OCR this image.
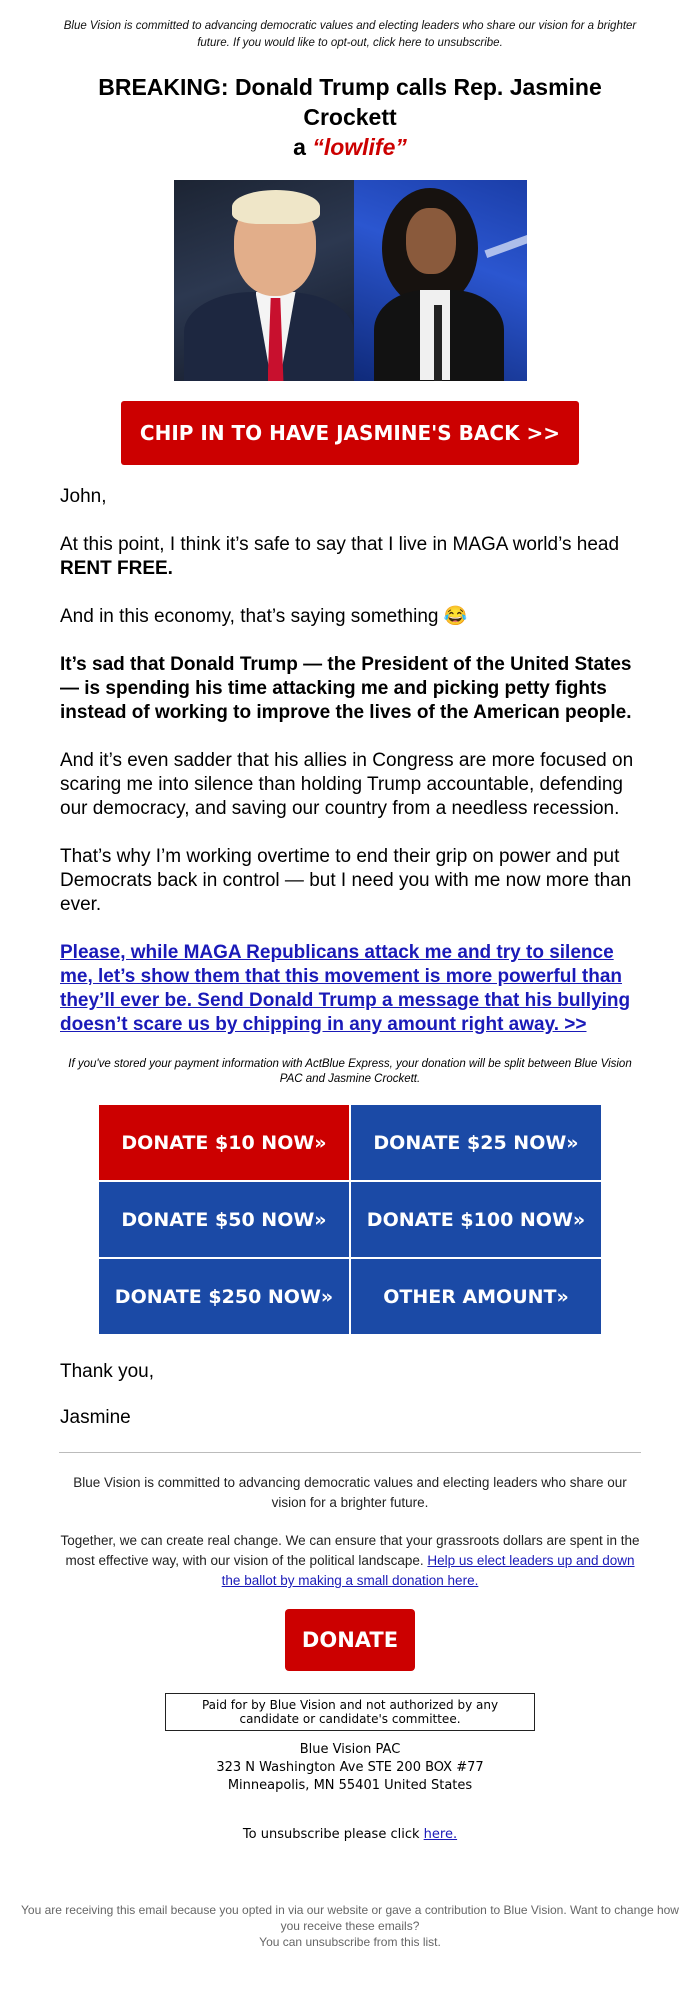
Blue Vision is committed to advancing democratic values and electing leaders who share our vision for a brighter future. If you would like to opt-out, click here to unsubscribe.
BREAKING: Donald Trump calls Rep. Jasmine Crockett
a “lowlife”
CHIP IN TO HAVE JASMINE'S BACK >>

John,

At this point, I think it’s safe to say that I live in MAGA world’s head RENT FREE.

And in this economy, that’s saying something 😂

It’s sad that Donald Trump — the President of the United States — is spending his time attacking me and picking petty fights instead of working to improve the lives of the American people.

And it’s even sadder that his allies in Congress are more focused on scaring me into silence than holding Trump accountable, defending our democracy, and saving our country from a needless recession.

That’s why I’m working overtime to end their grip on power and put Democrats back in control — but I need you with me now more than ever.

Please, while MAGA Republicans attack me and try to silence me, let’s show them that this movement is more powerful than they’ll ever be. Send Donald Trump a message that his bullying doesn’t scare us by chipping in any amount right away. >>

If you've stored your payment information with ActBlue Express, your donation will be split between Blue Vision PAC and Jasmine Crockett.
DONATE $10 NOW»	DONATE $25 NOW»
DONATE $50 NOW»	DONATE $100 NOW»
DONATE $250 NOW»	OTHER AMOUNT»

Thank you,

Jasmine

Blue Vision is committed to advancing democratic values and electing leaders who share our vision for a brighter future.

Together, we can create real change. We can ensure that your grassroots dollars are spent in the most effective way, with our vision of the political landscape. Help us elect leaders up and down the ballot by making a small donation here.

DONATE
Paid for by Blue Vision and not authorized by any candidate or candidate's committee.
Blue Vision PAC
323 N Washington Ave STE 200 BOX #77
Minneapolis, MN 55401 United States
To unsubscribe please click here.
You are receiving this email because you opted in via our website or gave a contribution to Blue Vision. Want to change how you receive these emails?
You can unsubscribe from this list.
